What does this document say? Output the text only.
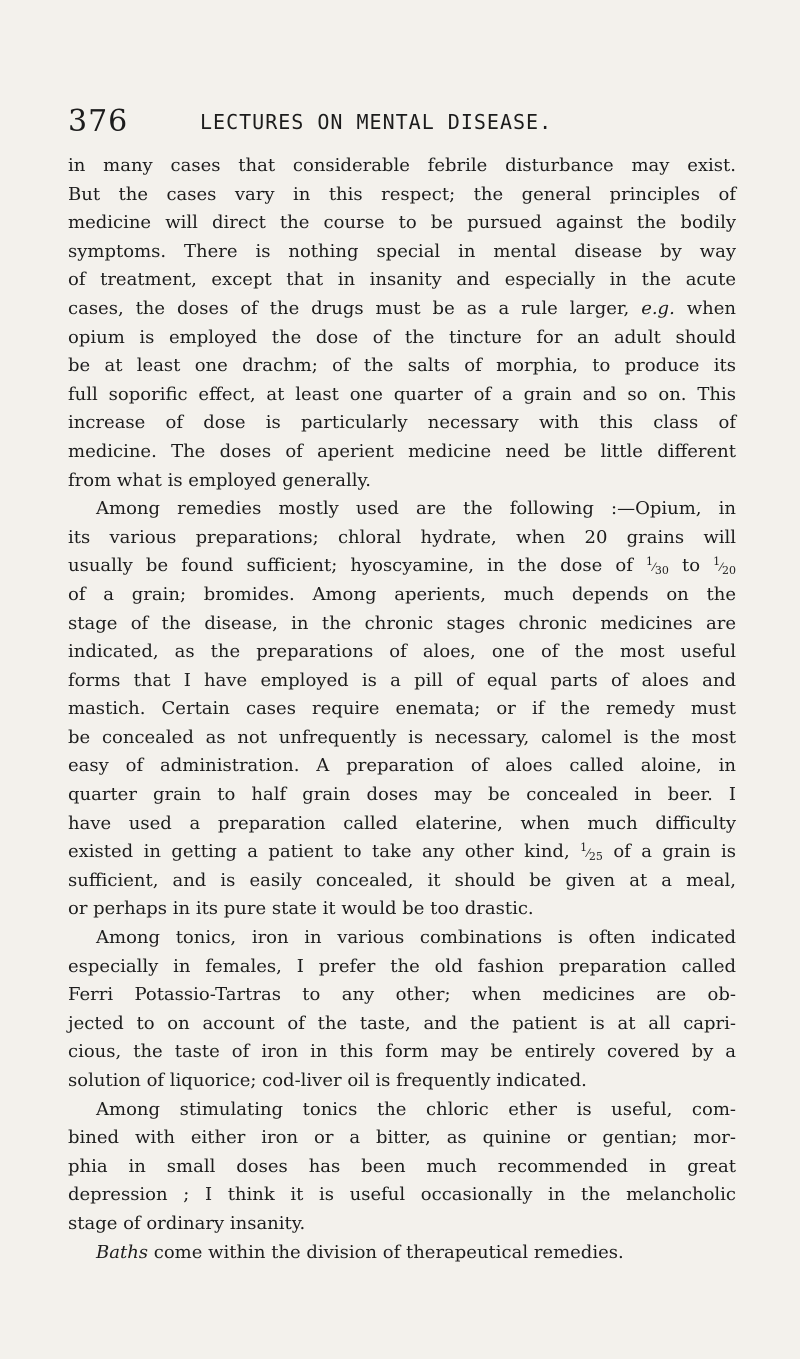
376	LECTURES ON MENTAL DISEASE.
in many cases that considerable febrile disturbance may exist.
But the cases vary in this respect; the general principles of
medicine will direct the course to be pursued against the bodily
symptoms. There is nothing special in mental disease by way
of treatment, except that in insanity and especially in the acute
cases, the doses of the drugs must be as a rule larger, e.g. when
opium is employed the dose of the tincture for an adult should
be at least one drachm; of the salts of morphia, to produce its
full soporific effect, at least one quarter of a grain and so on. This
increase of dose is particularly necessary with this class of
medicine. The doses of aperient medicine need be little different
from what is employed generally.
Among remedies mostly used are the following :—Opium, in
its various preparations; chloral hydrate, when 20 grains will
usually be found sufficient; hyoscyamine, in the dose of 1⁄30 to 1⁄20
of a grain; bromides. Among aperients, much depends on the
stage of the disease, in the chronic stages chronic medicines are
indicated, as the preparations of aloes, one of the most useful
forms that I have employed is a pill of equal parts of aloes and
mastich. Certain cases require enemata; or if the remedy must
be concealed as not unfrequently is necessary, calomel is the most
easy of administration. A preparation of aloes called aloine, in
quarter grain to half grain doses may be concealed in beer. I
have used a preparation called elaterine, when much difficulty
existed in getting a patient to take any other kind, 1⁄25 of a grain is
sufficient, and is easily concealed, it should be given at a meal,
or perhaps in its pure state it would be too drastic.
Among tonics, iron in various combinations is often indicated
especially in females, I prefer the old fashion preparation called
Ferri Potassio-Tartras to any other; when medicines are ob-
jected to on account of the taste, and the patient is at all capri-
cious, the taste of iron in this form may be entirely covered by a
solution of liquorice; cod-liver oil is frequently indicated.
Among stimulating tonics the chloric ether is useful, com-
bined with either iron or a bitter, as quinine or gentian; mor-
phia in small doses has been much recommended in great
depression ; I think it is useful occasionally in the melancholic
stage of ordinary insanity.
Baths come within the division of therapeutical remedies.
